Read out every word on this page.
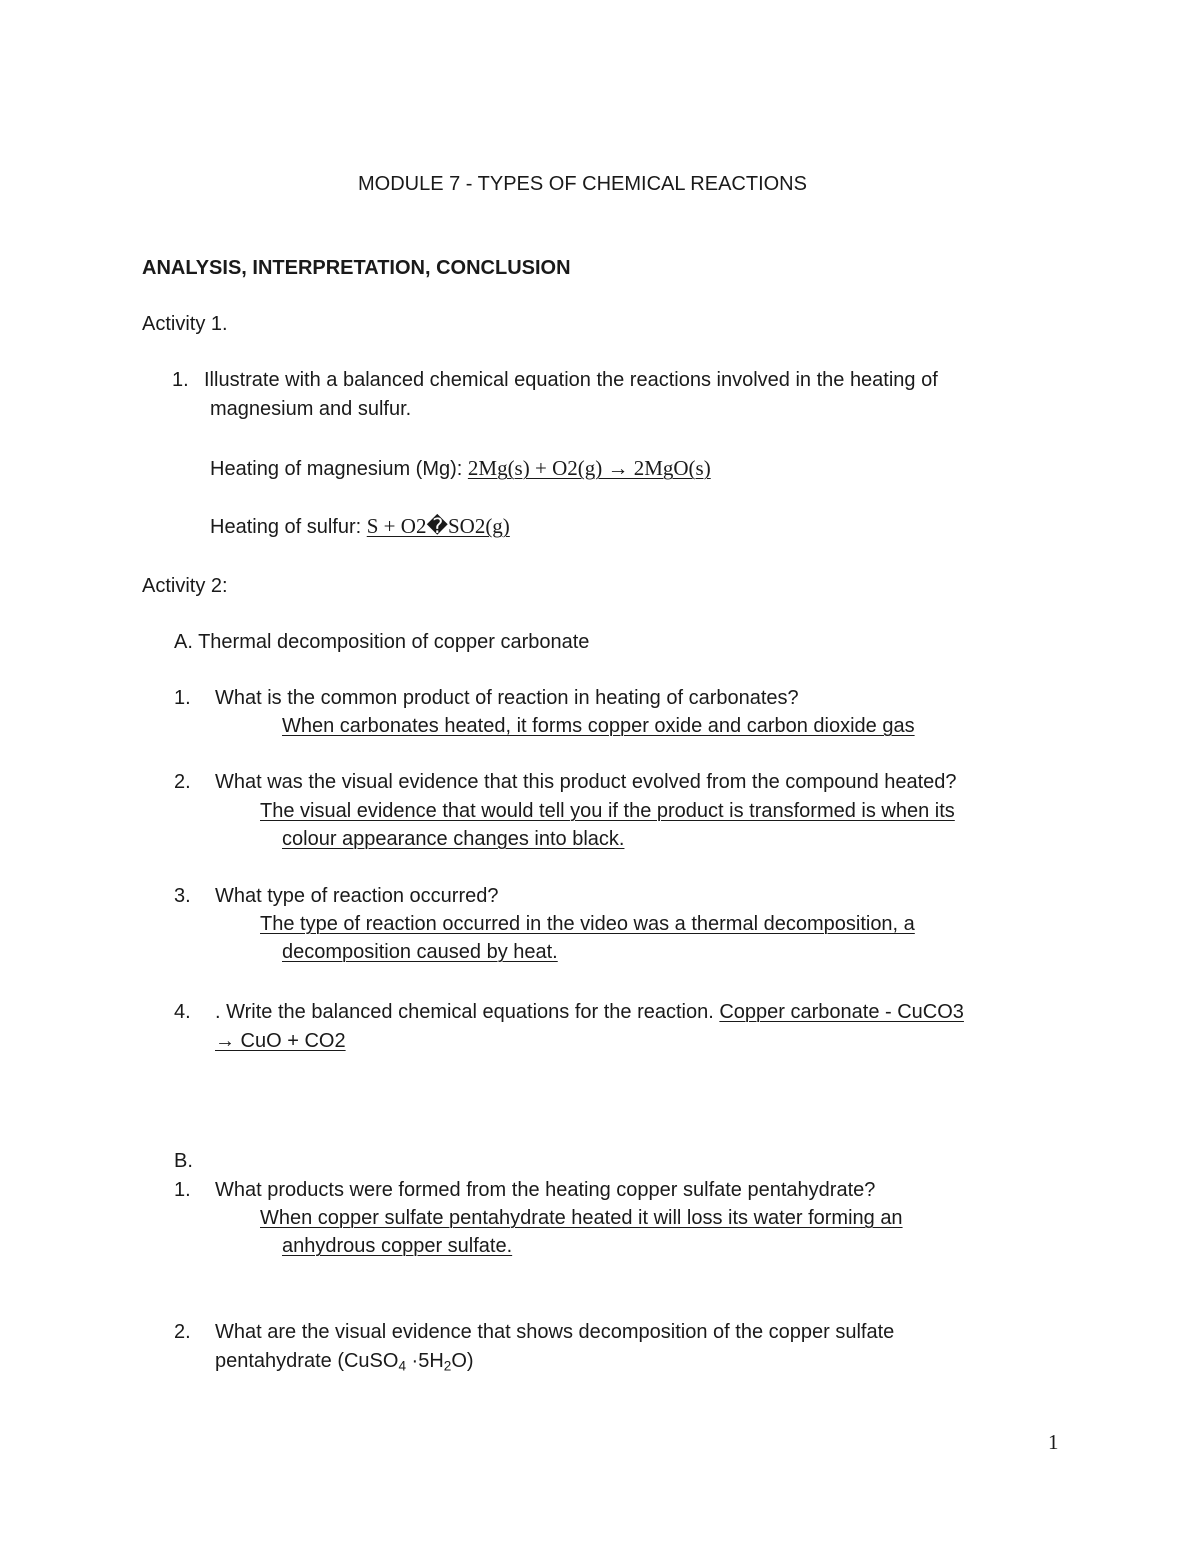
MODULE 7 - TYPES OF CHEMICAL REACTIONS
ANALYSIS, INTERPRETATION, CONCLUSION
Activity 1.
1. Illustrate with a balanced chemical equation the reactions involved in the heating of
magnesium and sulfur.
Heating of magnesium (Mg): 2Mg(s) + O2(g) → 2MgO(s)
Heating of sulfur: S + O2�SO2(g)
Activity 2:
A. Thermal decomposition of copper carbonate
1. What is the common product of reaction in heating of carbonates?
When carbonates heated, it forms copper oxide and carbon dioxide gas
2. What was the visual evidence that this product evolved from the compound heated?
The visual evidence that would tell you if the product is transformed is when its
colour appearance changes into black.
3. What type of reaction occurred?
The type of reaction occurred in the video was a thermal decomposition, a
decomposition caused by heat.
4. . Write the balanced chemical equations for the reaction. Copper carbonate - CuCO3
→ CuO + CO2
B.
1. What products were formed from the heating copper sulfate pentahydrate?
When copper sulfate pentahydrate heated it will loss its water forming an
anhydrous copper sulfate.
2. What are the visual evidence that shows decomposition of the copper sulfate
pentahydrate (CuSO$_4$ $\cdot 5H_2O$)
1
